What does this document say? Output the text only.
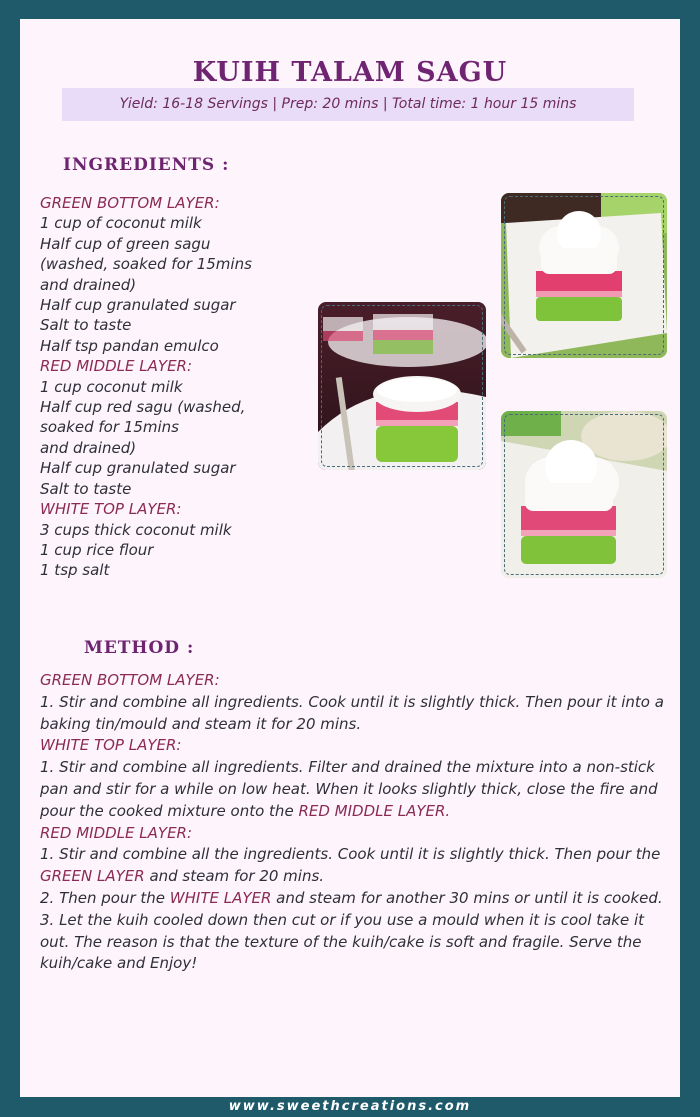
KUIH TALAM SAGU
Yield: 16-18 Servings | Prep: 20 mins | Total time: 1 hour 15 mins
INGREDIENTS :
GREEN BOTTOM LAYER:
1 cup of coconut milk
Half cup of green sagu
(washed, soaked for 15mins
and drained)
Half cup granulated sugar
Salt to taste
Half tsp pandan emulco
RED MIDDLE LAYER:
1 cup coconut milk
Half cup red sagu (washed,
soaked for 15mins
and drained)
Half cup granulated sugar
Salt to taste
WHITE TOP LAYER:
3 cups thick coconut milk
1 cup rice flour
1 tsp salt
METHOD :
GREEN BOTTOM LAYER:
1. Stir and combine all ingredients. Cook until it is slightly thick. Then pour it into a baking tin/mould and steam it for 20 mins.
WHITE TOP LAYER:
1. Stir and combine all ingredients. Filter and drained the mixture into a non-stick pan and stir for a while on low heat. When it looks slightly thick, close the fire and pour the cooked mixture onto the RED MIDDLE LAYER.
RED MIDDLE LAYER:
1. Stir and combine all the ingredients. Cook until it is slightly thick. Then pour the GREEN LAYER and steam for 20 mins.
2. Then pour the WHITE LAYER and steam for another 30 mins or until it is cooked.
3. Let the kuih cooled down then cut or if you use a mould when it is cool take it out. The reason is that the texture of the kuih/cake is soft and fragile. Serve the kuih/cake and Enjoy!
www.sweethcreations.com
